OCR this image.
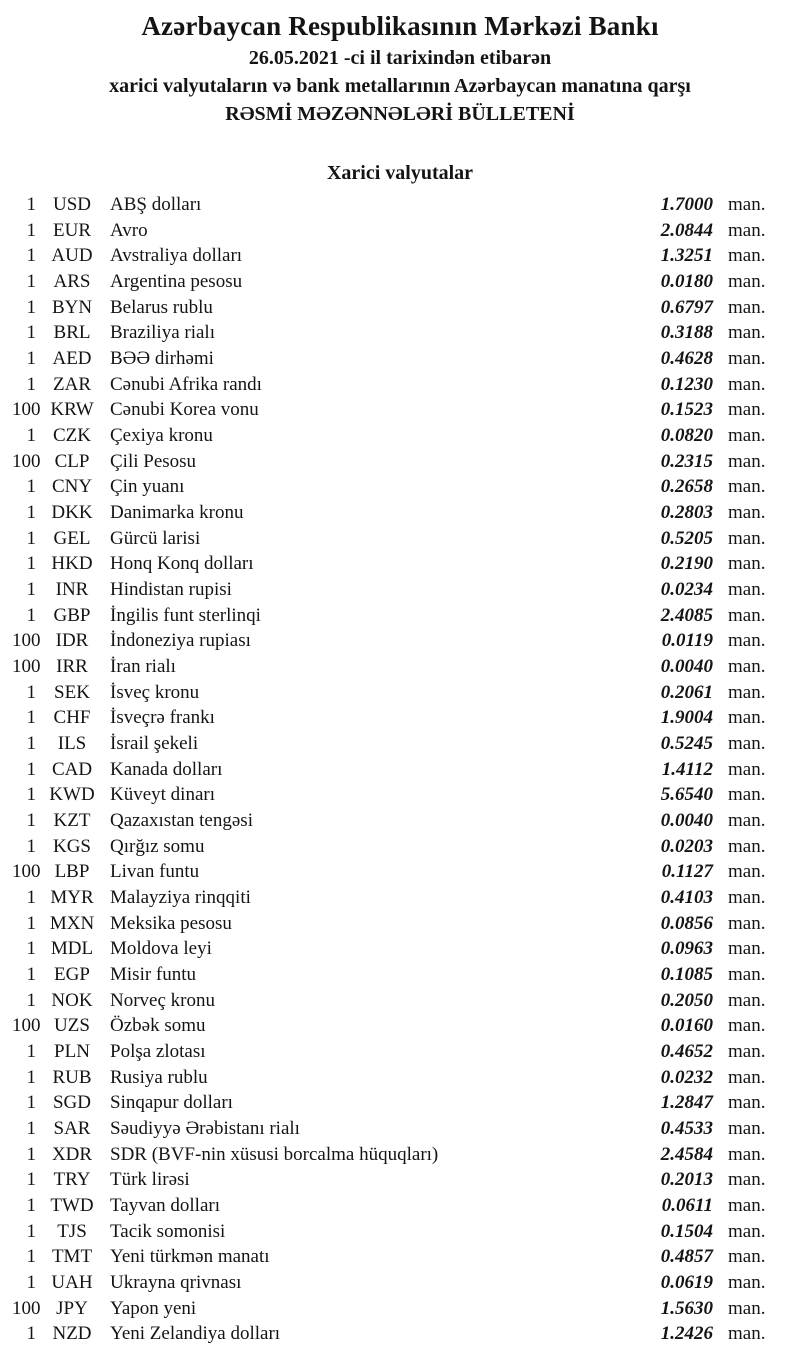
Azərbaycan Respublikasının Mərkəzi Bankı
26.05.2021 -ci il tarixindən etibarən
xarici valyutaların və bank metallarının Azərbaycan manatına qarşı
RƏSMİ MƏZƏNNƏLƏRİ BÜLLETENİ
Xarici valyutalar
1 USD	ABŞ dolları	1.7000 man.
1 EUR	Avro	2.0844 man.
1 AUD Avstraliya dolları	1.3251 man.
1 ARS	Argentina pesosu	0.0180 man.
1 BYN Belarus rublu	0.6797 man.
1 BRL	Braziliya rialı	0.3188 man.
1 AED BƏƏ dirhəmi	0.4628 man.
1 ZAR	Cənubi Afrika randı	0.1230 man.
100 KRW Cənubi Korea vonu	0.1523 man.
1 CZK	Çexiya kronu	0.0820 man.
100 CLP	Çili Pesosu	0.2315 man.
1 CNY Çin yuanı	0.2658 man.
1 DKK Danimarka kronu	0.2803 man.
1 GEL	Gürcü larisi	0.5205 man.
1 HKD Honq Konq dolları	0.2190 man.
1	INR	Hindistan rupisi	0.0234 man.
1 GBP	İngilis funt sterlinqi	2.4085 man.
100 IDR	İndoneziya rupiası	0.0119 man.
100 IRR	İran rialı	0.0040 man.
1 SEK	İsveç kronu	0.2061 man.
1 CHF	İsveçrə frankı	1.9004 man.
1	ILS	İsrail şekeli	0.5245 man.
1 CAD Kanada dolları	1.4112 man.
1 KWD Küveyt dinarı	5.6540 man.
1 KZT	Qazaxıstan tengəsi	0.0040 man.
1 KGS	Qırğız somu	0.0203 man.
100 LBP	Livan funtu	0.1127 man.
1 MYR Malayziya rinqqiti	0.4103 man.
1 MXN Meksika pesosu	0.0856 man.
1 MDL Moldova leyi	0.0963 man.
1 EGP	Misir funtu	0.1085 man.
1 NOK Norveç kronu	0.2050 man.
100 UZS	Özbək somu	0.0160 man.
1 PLN	Polşa zlotası	0.4652 man.
1 RUB Rusiya rublu	0.0232 man.
1 SGD	Sinqapur dolları	1.2847 man.
1 SAR	Səudiyyə Ərəbistanı rialı	0.4533 man.
1 XDR SDR (BVF-nin xüsusi borcalma hüquqları)	2.4584 man.
1 TRY	Türk lirəsi	0.2013 man.
1 TWD Tayvan dolları	0.0611 man.
1	TJS	Tacik somonisi	0.1504 man.
1 TMT Yeni türkmən manatı	0.4857 man.
1 UAH Ukrayna qrivnası	0.0619 man.
100 JPY	Yapon yeni	1.5630 man.
1 NZD Yeni Zelandiya dolları	1.2426 man.
